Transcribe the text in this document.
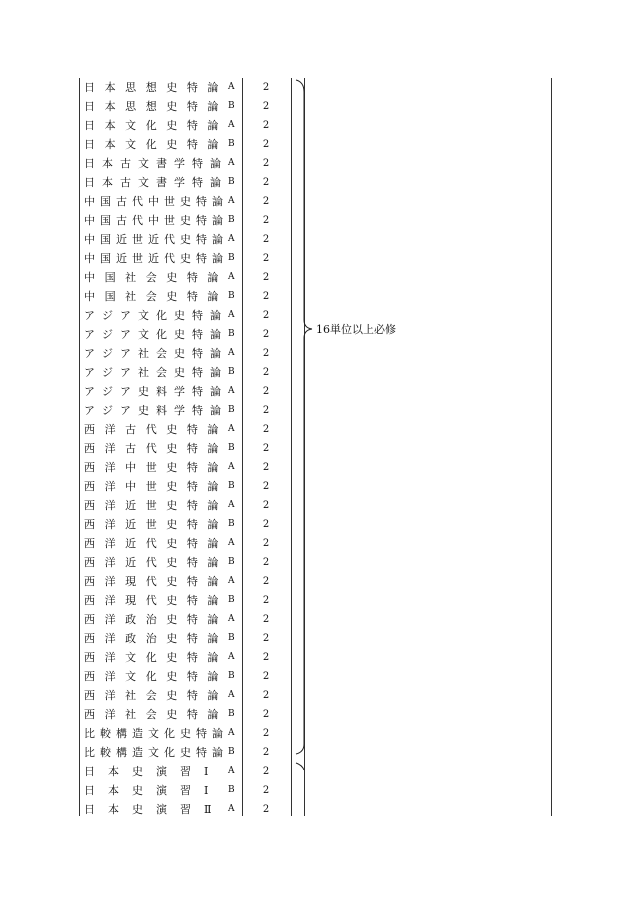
日 本 思 想 史 特 論 A	2
日 本 思 想 史 特 論 B	2
日 本 文 化 史 特 論 A	2
日 本 文 化 史 特 論 B	2
日 本 古 文 書 学 特 論 A	2
日 本 古 文 書 学 特 論 B	2
中 国 古 代 中 世 史 特 論 A	2
中 国 古 代 中 世 史 特 論 B	2
中 国 近 世 近 代 史 特 論 A	2
中 国 近 世 近 代 史 特 論 B	2
中 国 社 会 史 特 論 A	2
中 国 社 会 史 特 論 B	2
ア ジ ア 文 化 史 特 論 A	2
ア ジ ア 文 化 史 特 論 B	2
ア ジ ア 社 会 史 特 論 A	2
ア ジ ア 社 会 史 特 論 B	2
ア ジ ア 史 料 学 特 論 A	2
ア ジ ア 史 料 学 特 論 B	2
西 洋 古 代 史 特 論 A	2
西 洋 古 代 史 特 論 B	2
西 洋 中 世 史 特 論 A	2
西 洋 中 世 史 特 論 B	2
西 洋 近 世 史 特 論 A	2
西 洋 近 世 史 特 論 B	2
西 洋 近 代 史 特 論 A	2
西 洋 近 代 史 特 論 B	2
西 洋 現 代 史 特 論 A	2
西 洋 現 代 史 特 論 B	2
西 洋 政 治 史 特 論 A	2
西 洋 政 治 史 特 論 B	2
西 洋 文 化 史 特 論 A	2
西 洋 文 化 史 特 論 B	2
西 洋 社 会 史 特 論 A	2
西 洋 社 会 史 特 論 B	2
比 較 構 造 文 化 史 特 論 A	2
比 較 構 造 文 化 史 特 論 B	2
日 本 史 演 習 Ⅰ A	2
日 本 史 演 習 Ⅰ B	2
日 本 史 演 習 Ⅱ A	2
16単位以上必修
